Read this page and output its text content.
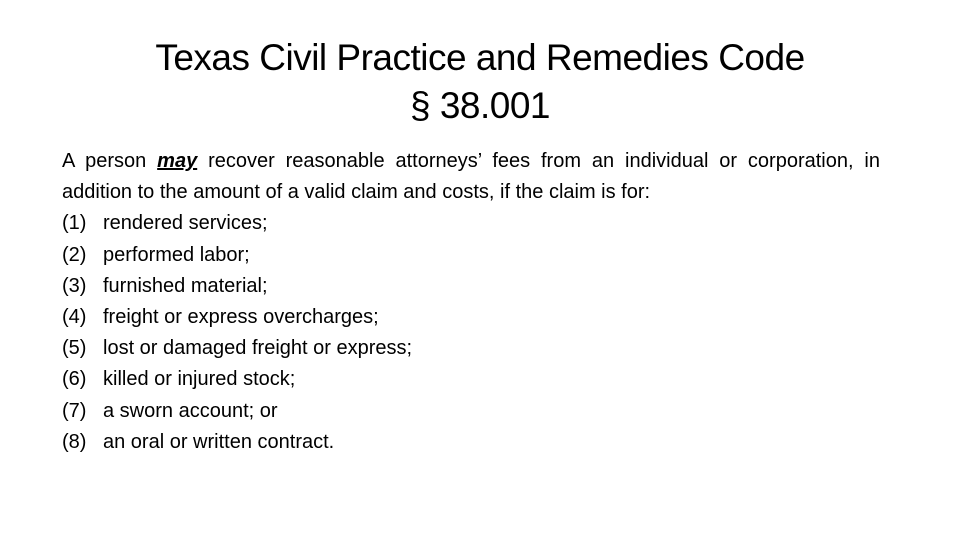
Texas Civil Practice and Remedies Code
§ 38.001

A person may recover reasonable attorneys’ fees from an individual or corporation, in addition to the amount of a valid claim and costs, if the claim is for:

(1) rendered services;
(2) performed labor;
(3) furnished material;
(4) freight or express overcharges;
(5) lost or damaged freight or express;
(6) killed or injured stock;
(7) a sworn account; or
(8) an oral or written contract.
